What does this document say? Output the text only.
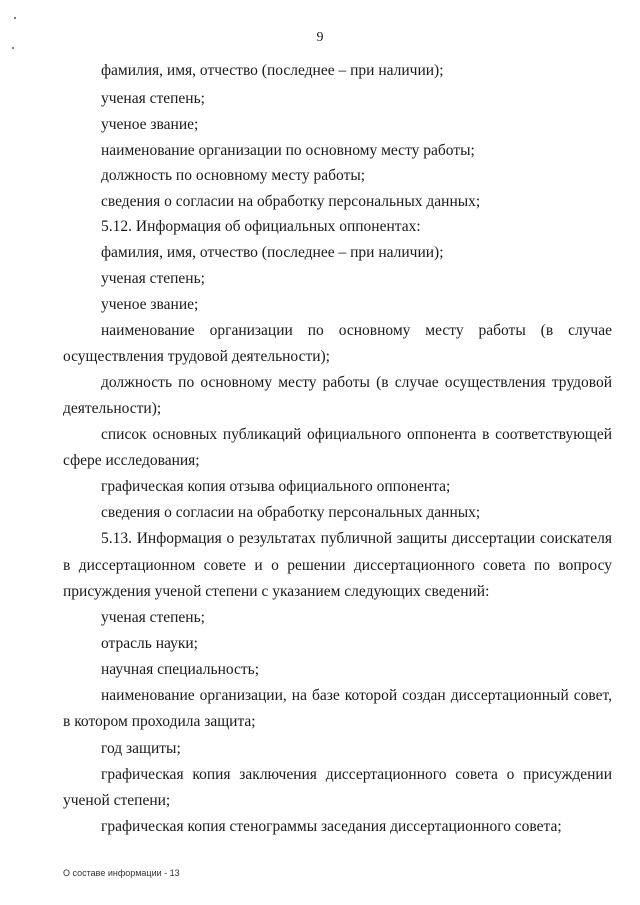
9
фамилия, имя, отчество (последнее – при наличии);
ученая степень;
ученое звание;
наименование организации по основному месту работы;
должность по основному месту работы;
сведения о согласии на обработку персональных данных;
5.12. Информация об официальных оппонентах:
фамилия, имя, отчество (последнее – при наличии);
ученая степень;
ученое звание;
наименование организации по основному месту работы (в случае
осуществления трудовой деятельности);
должность по основному месту работы (в случае осуществления трудовой
деятельности);
список основных публикаций официального оппонента в соответствующей
сфере исследования;
графическая копия отзыва официального оппонента;
сведения о согласии на обработку персональных данных;
5.13. Информация о результатах публичной защиты диссертации соискателя
в диссертационном совете и о решении диссертационного совета по вопросу
присуждения ученой степени с указанием следующих сведений:
ученая степень;
отрасль науки;
научная специальность;
наименование организации, на базе которой создан диссертационный совет,
в котором проходила защита;
год защиты;
графическая копия заключения диссертационного совета о присуждении
ученой степени;
графическая копия стенограммы заседания диссертационного совета;
О составе информации - 13
